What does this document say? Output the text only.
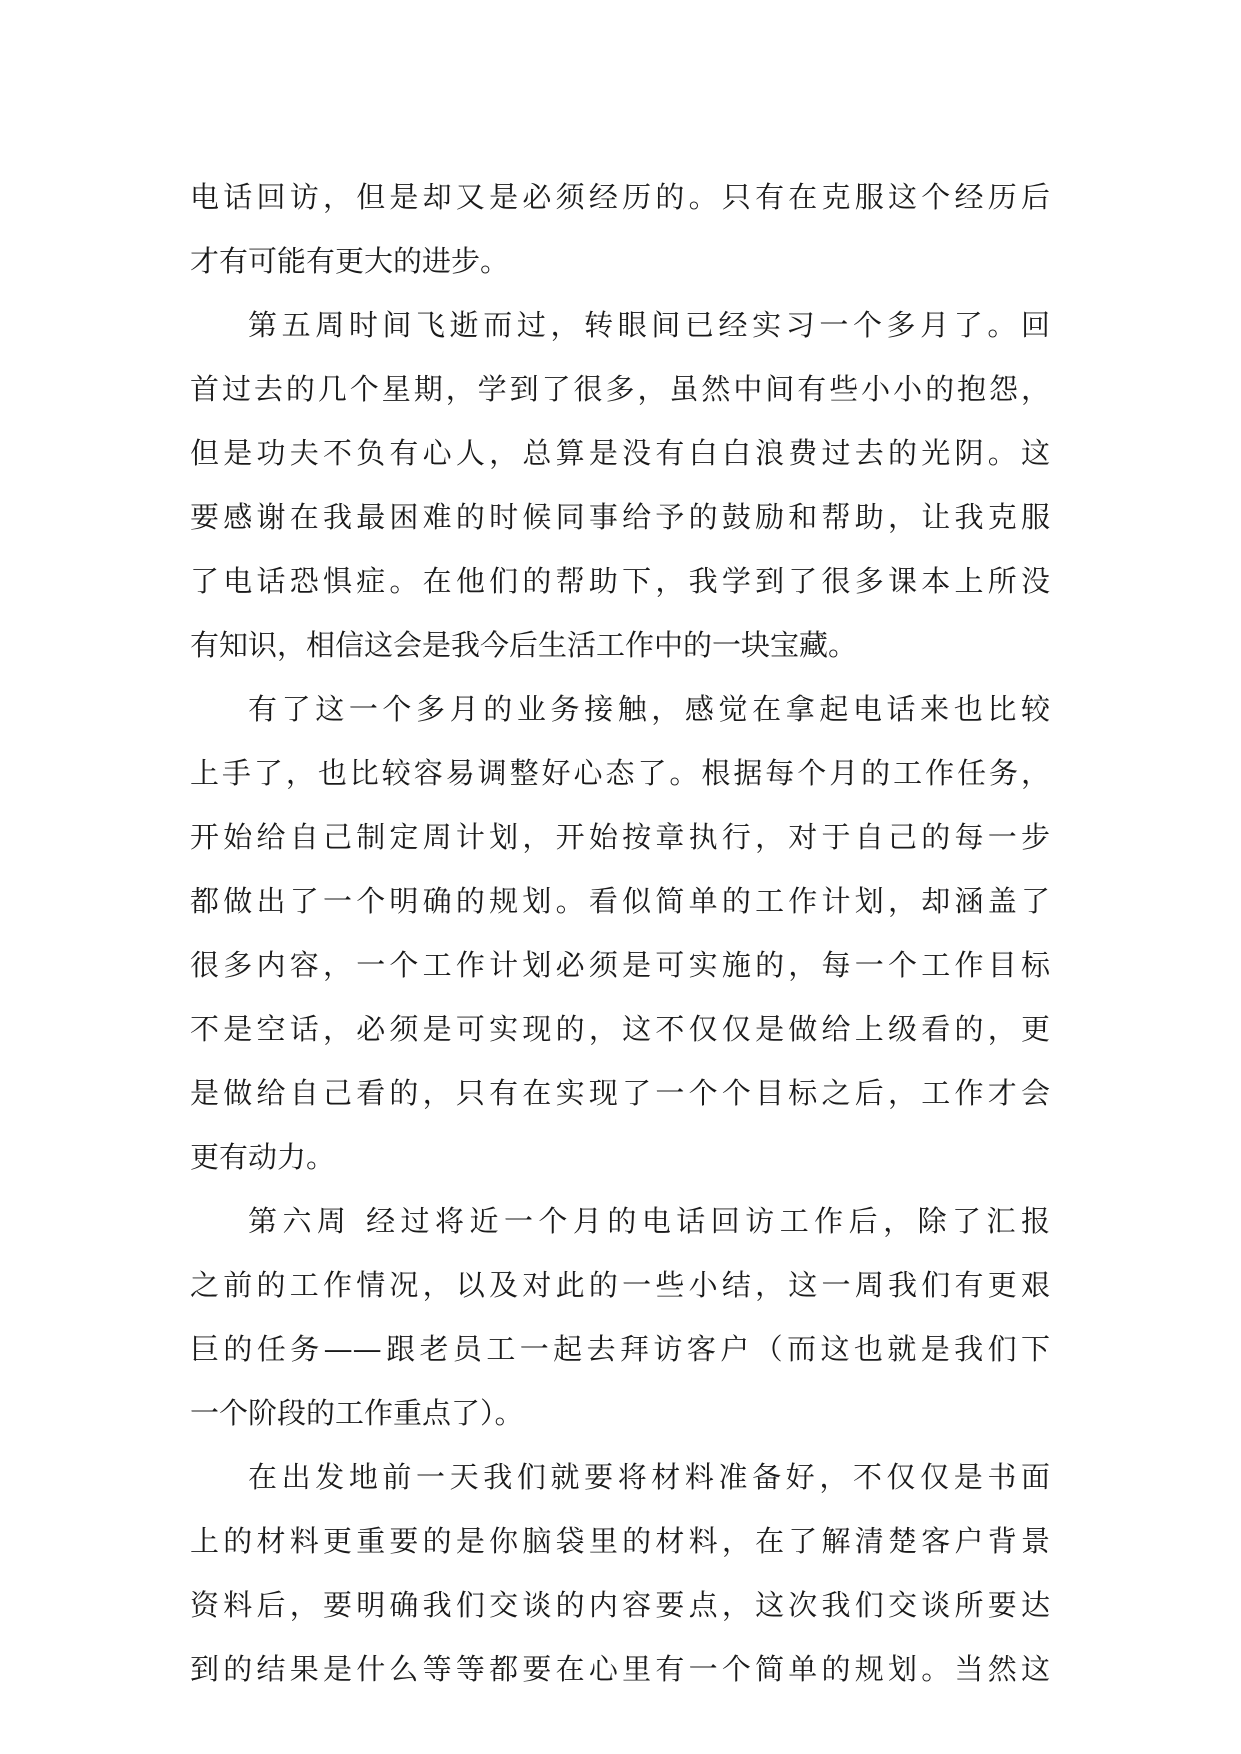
电话回访，但是却又是必须经历的。只有在克服这个经历后
才有可能有更大的进步。
第五周时间飞逝而过，转眼间已经实习一个多月了。回
首过去的几个星期，学到了很多，虽然中间有些小小的抱怨，
但是功夫不负有心人，总算是没有白白浪费过去的光阴。这
要感谢在我最困难的时候同事给予的鼓励和帮助，让我克服
了电话恐惧症。在他们的帮助下，我学到了很多课本上所没
有知识，相信这会是我今后生活工作中的一块宝藏。
有了这一个多月的业务接触，感觉在拿起电话来也比较
上手了，也比较容易调整好心态了。根据每个月的工作任务，
开始给自己制定周计划，开始按章执行，对于自己的每一步
都做出了一个明确的规划。看似简单的工作计划，却涵盖了
很多内容，一个工作计划必须是可实施的，每一个工作目标
不是空话，必须是可实现的，这不仅仅是做给上级看的，更
是做给自己看的，只有在实现了一个个目标之后，工作才会
更有动力。
第六周 经过将近一个月的电话回访工作后，除了汇报
之前的工作情况，以及对此的一些小结，这一周我们有更艰
巨的任务——跟老员工一起去拜访客户（而这也就是我们下
一个阶段的工作重点了）。
在出发地前一天我们就要将材料准备好，不仅仅是书面
上的材料更重要的是你脑袋里的材料，在了解清楚客户背景
资料后，要明确我们交谈的内容要点，这次我们交谈所要达
到的结果是什么等等都要在心里有一个简单的规划。当然这
